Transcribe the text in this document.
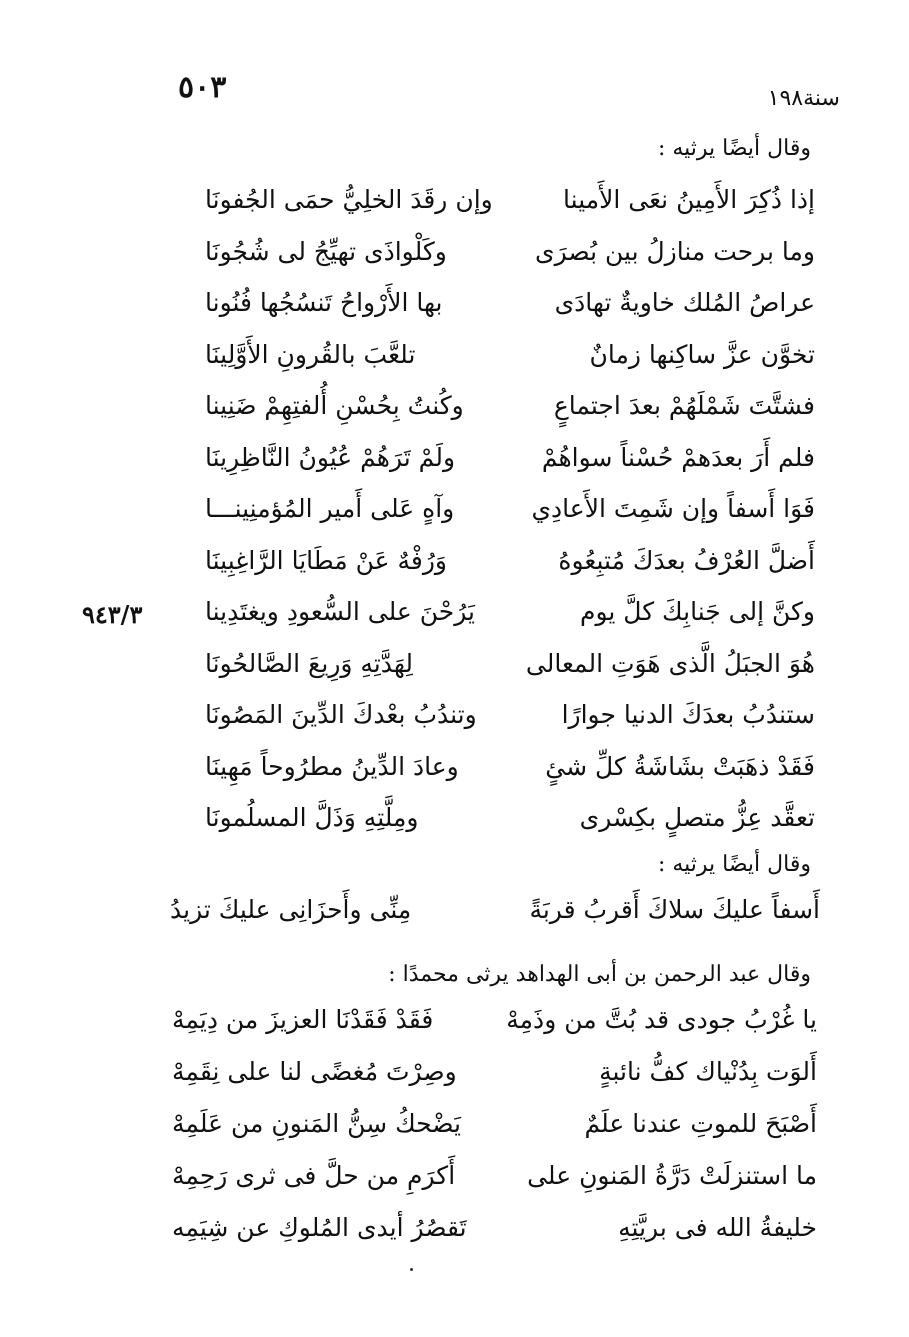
٥٠٣	سنة١٩٨
٩٤٣/٣
وقال أيضًا يرثيه :
إذا ذُكِرَ الأَمِينُ نعَى الأَمينا
وإن رقَدَ الخلِيُّ حمَى الجُفونَا
وما برحت منازلُ بين بُصرَى
وكَلْواذَى تهيِّجُ لى شُجُونَا
عراصُ المُلك خاويةٌ تهادَى
بها الأَرْواحُ تَنسُجُها فُنُونا
تخوَّن عزَّ ساكِنها زمانٌ
تلعَّبَ بالقُرونِ الأَوَّلِينَا
فشتَّتَ شَمْلَهُمْ بعدَ اجتماعٍ
وكُنتُ بِحُسْنِ أُلفتِهِمْ ضَنِينا
فلم أَرَ بعدَهمْ حُسْناً سواهُمْ
ولَمْ تَرَهُمْ عُيُونُ النَّاظِرِينَا
فَوَا أَسفاً وإن شَمِتَ الأَعادِي
وآهٍ عَلى أَمير المُؤمنِينـــا
أَضلَّ العُرْفُ بعدَكَ مُتبِعُوهُ
وَرُفْهٌ عَنْ مَطَايَا الرَّاغِبِينَا
وكنَّ إلى جَنابِكَ كلَّ يوم
يَرُحْنَ على السُّعودِ ويغتَدِينا
هُوَ الجبَلُ الَّذى هَوَتِ المعالى
لِهَدَّتِهِ وَرِيعَ الصَّالحُونَا
ستندُبُ بعدَكَ الدنيا جوارًا
وتندُبُ بعْدكَ الدِّينَ المَصُونَا
فَقَدْ ذهَبَتْ بشَاشَةُ كلِّ شئٍ
وعادَ الدِّينُ مطرُوحاً مَهِينَا
تعقَّد عِزُّ متصلٍ بكِسْرى
ومِلَّتِهِ وَذَلَّ المسلُمونَا
وقال أيضًا يرثيه :
أَسفاً عليكَ سلاكَ أَقربُ قربَةً
مِنِّى وأَحزَانِى عليكَ تزيدُ
وقال عبد الرحمن بن أبى الهداهد يرثى محمدًا :
يا غُرْبُ جودى قد بُتَّ من وذَمِهْ
فَقَدْ فَقَدْنَا العزيزَ من دِيَمِهْ
أَلوَت بِدُنْياك كفُّ نائبةٍ
وصِرْتَ مُغضًى لنا على نِقَمِهْ
أَصْبَحَ للموتِ عندنا علَمٌ
يَضْحكُ سِنُّ المَنونِ من عَلَمِهْ
ما استنزلَتْ دَرَّةُ المَنونِ على
أَكرَمِ من حلَّ فى ثرى رَحِمِهْ
خليفةُ الله فى بريَّتِهِ
تَقصُرُ أيدى المُلوكِ عن شِيَمِه
